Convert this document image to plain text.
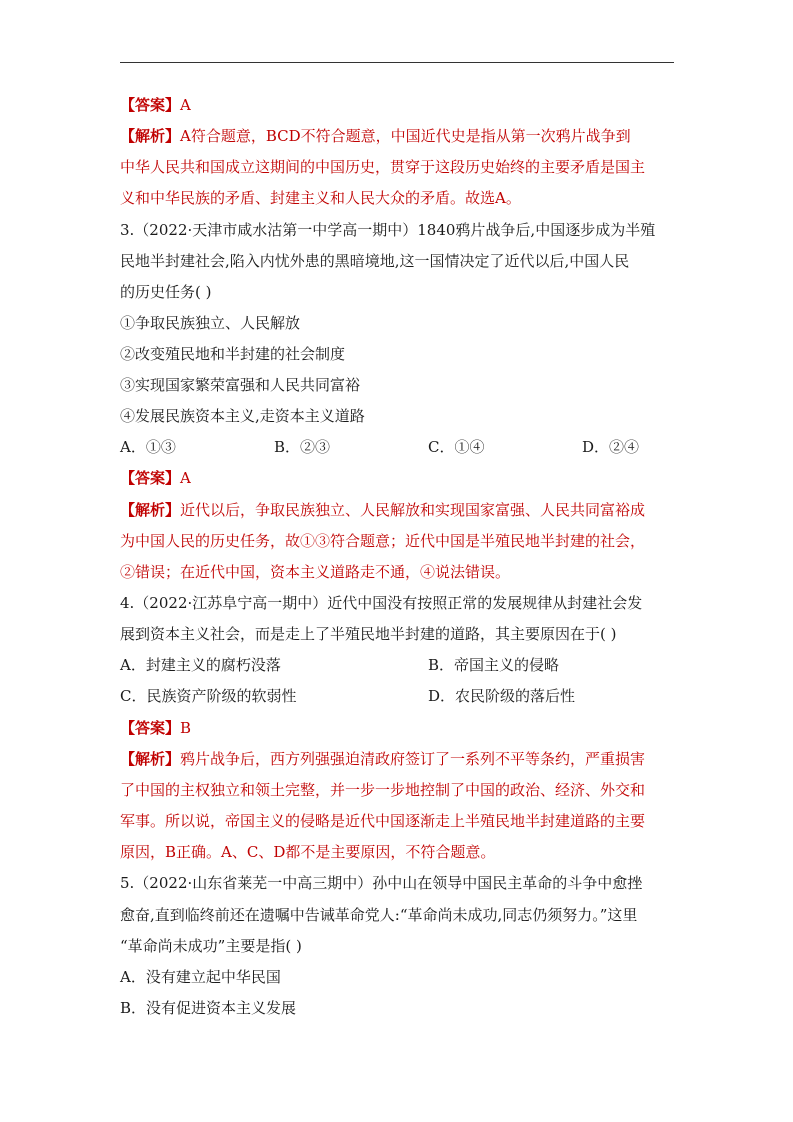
【答案】A
【解析】A符合题意，BCD不符合题意，中国近代史是指从第一次鸦片战争到
中华人民共和国成立这期间的中国历史，贯穿于这段历史始终的主要矛盾是国主
义和中华民族的矛盾、封建主义和人民大众的矛盾。故选A。
3.（2022·天津市咸水沽第一中学高一期中）1840鸦片战争后,中国逐步成为半殖
民地半封建社会,陷入内忧外患的黑暗境地,这一国情决定了近代以后,中国人民
的历史任务( )
①争取民族独立、人民解放
②改变殖民地和半封建的社会制度
③实现国家繁荣富强和人民共同富裕
④发展民族资本主义,走资本主义道路
A．①③	B．②③	C．①④	D．②④
【答案】A
【解析】近代以后，争取民族独立、人民解放和实现国家富强、人民共同富裕成
为中国人民的历史任务，故①③符合题意；近代中国是半殖民地半封建的社会，
②错误；在近代中国，资本主义道路走不通，④说法错误。
4.（2022·江苏阜宁高一期中）近代中国没有按照正常的发展规律从封建社会发
展到资本主义社会，而是走上了半殖民地半封建的道路，其主要原因在于( )
A．封建主义的腐朽没落	B．帝国主义的侵略
C．民族资产阶级的软弱性	D．农民阶级的落后性
【答案】B
【解析】鸦片战争后，西方列强强迫清政府签订了一系列不平等条约，严重损害
了中国的主权独立和领土完整，并一步一步地控制了中国的政治、经济、外交和
军事。所以说，帝国主义的侵略是近代中国逐渐走上半殖民地半封建道路的主要
原因，B正确。A、C、D都不是主要原因，不符合题意。
5.（2022·山东省莱芜一中高三期中）孙中山在领导中国民主革命的斗争中愈挫
愈奋,直到临终前还在遗嘱中告诫革命党人:“革命尚未成功,同志仍须努力。”这里
“革命尚未成功”主要是指( )
A．没有建立起中华民国
B．没有促进资本主义发展
